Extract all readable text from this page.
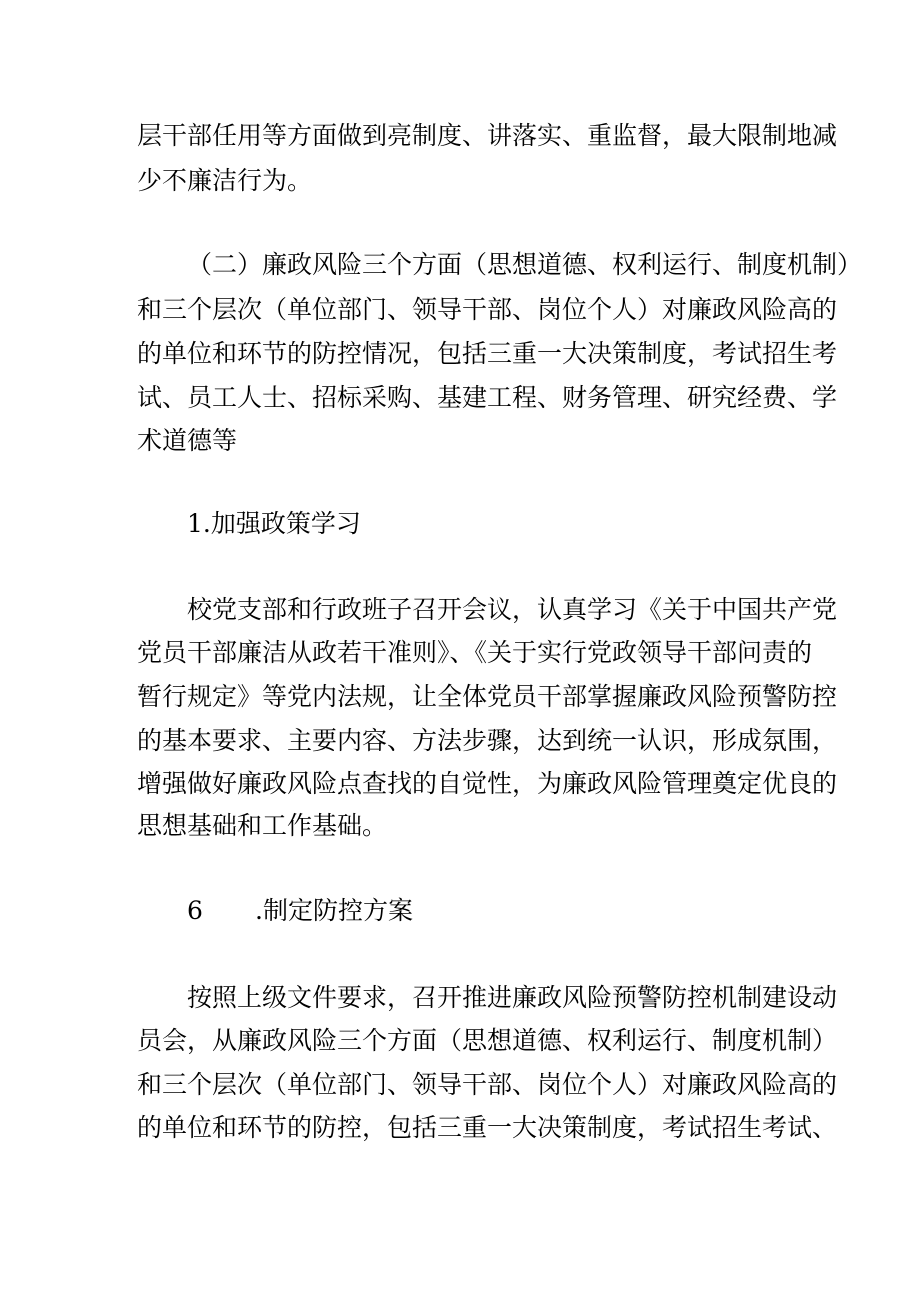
层干部任用等方面做到亮制度、讲落实、重监督，最大限制地减
少不廉洁行为。
（二）廉政风险三个方面（思想道德、权利运行、制度机制）
和三个层次（单位部门、领导干部、岗位个人）对廉政风险高的
的单位和环节的防控情况，包括三重一大决策制度，考试招生考
试、员工人士、招标采购、基建工程、财务管理、研究经费、学
术道德等
1.加强政策学习
校党支部和行政班子召开会议，认真学习《关于中国共产党
党员干部廉洁从政若干准则》、《关于实行党政领导干部问责的
暂行规定》等党内法规，让全体党员干部掌握廉政风险预警防控
的基本要求、主要内容、方法步骤，达到统一认识，形成氛围，
增强做好廉政风险点查找的自觉性，为廉政风险管理奠定优良的
思想基础和工作基础。
6 .制定防控方案
按照上级文件要求，召开推进廉政风险预警防控机制建设动
员会，从廉政风险三个方面（思想道德、权利运行、制度机制）
和三个层次（单位部门、领导干部、岗位个人）对廉政风险高的
的单位和环节的防控，包括三重一大决策制度，考试招生考试、
